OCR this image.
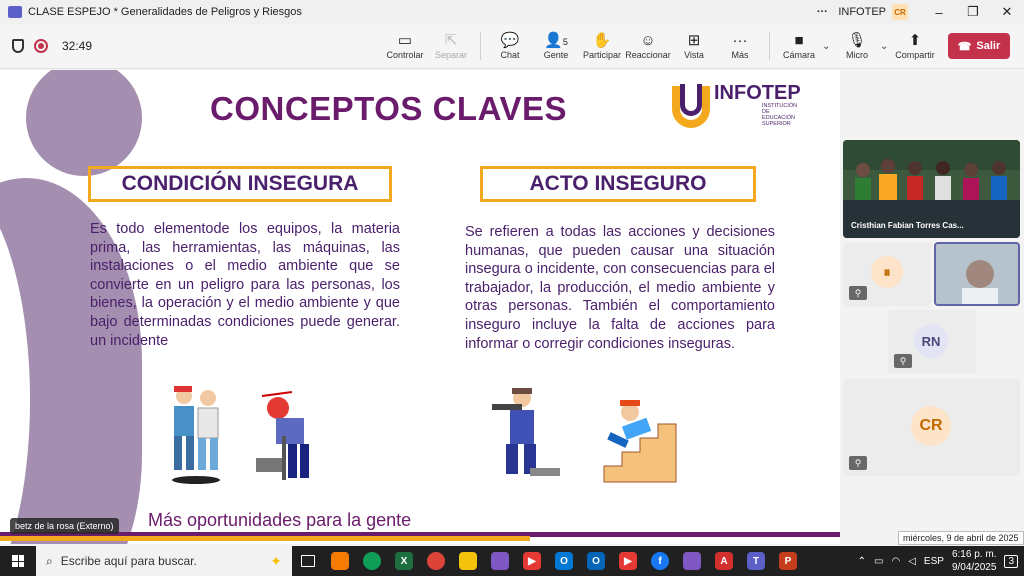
CLASE ESPEJO * Generalidades de Peligros y Riesgos	··· INFOTEP CR	–	❐	✕
32:49	▭
Controlar
⇱
Separar
💬
Chat
👤5
Gente
✋
Participar
☺
Reaccionar
⊞
Vista
···
Más
■
Cámara
⌄ 🎙
Micro
⌄ ⬆
Compartir
☎ Salir
CONCEPTOS CLAVES	INFOTEP
INSTITUCIÓN DE EDUCACIÓN SUPERIOR
CONDICIÓN INSEGURA	ACTO INSEGURO
Es todo elementode los equipos, la materia prima, las herramientas, las máquinas, las instalaciones o el medio ambiente que se convierte en un peligro para las personas, los bienes, la operación y el medio ambiente y que bajo determinadas condiciones puede generar. un incidente
Se refieren a todas las acciones y decisiones humanas, que pueden causar una situación insegura o incidente, con consecuencias para el trabajador, la producción, el medio ambiente y otras personas. También el comportamiento inseguro incluye la falta de acciones para informar o corregir condiciones inseguras.
Más oportunidades para la gente
betz de la rosa (Externo)
Cristhian Fabian Torres Cas...
⏸
⚲
RN
⚲
CR
⚲
miércoles, 9 de abril de 2025
⌕ Escribe aquí para buscar.	✦	X	▶	O	O	▶	f	A	T	P	⌃ ▭ ◠ ◁ ESP
6:16 p. m.
9/04/2025
3
